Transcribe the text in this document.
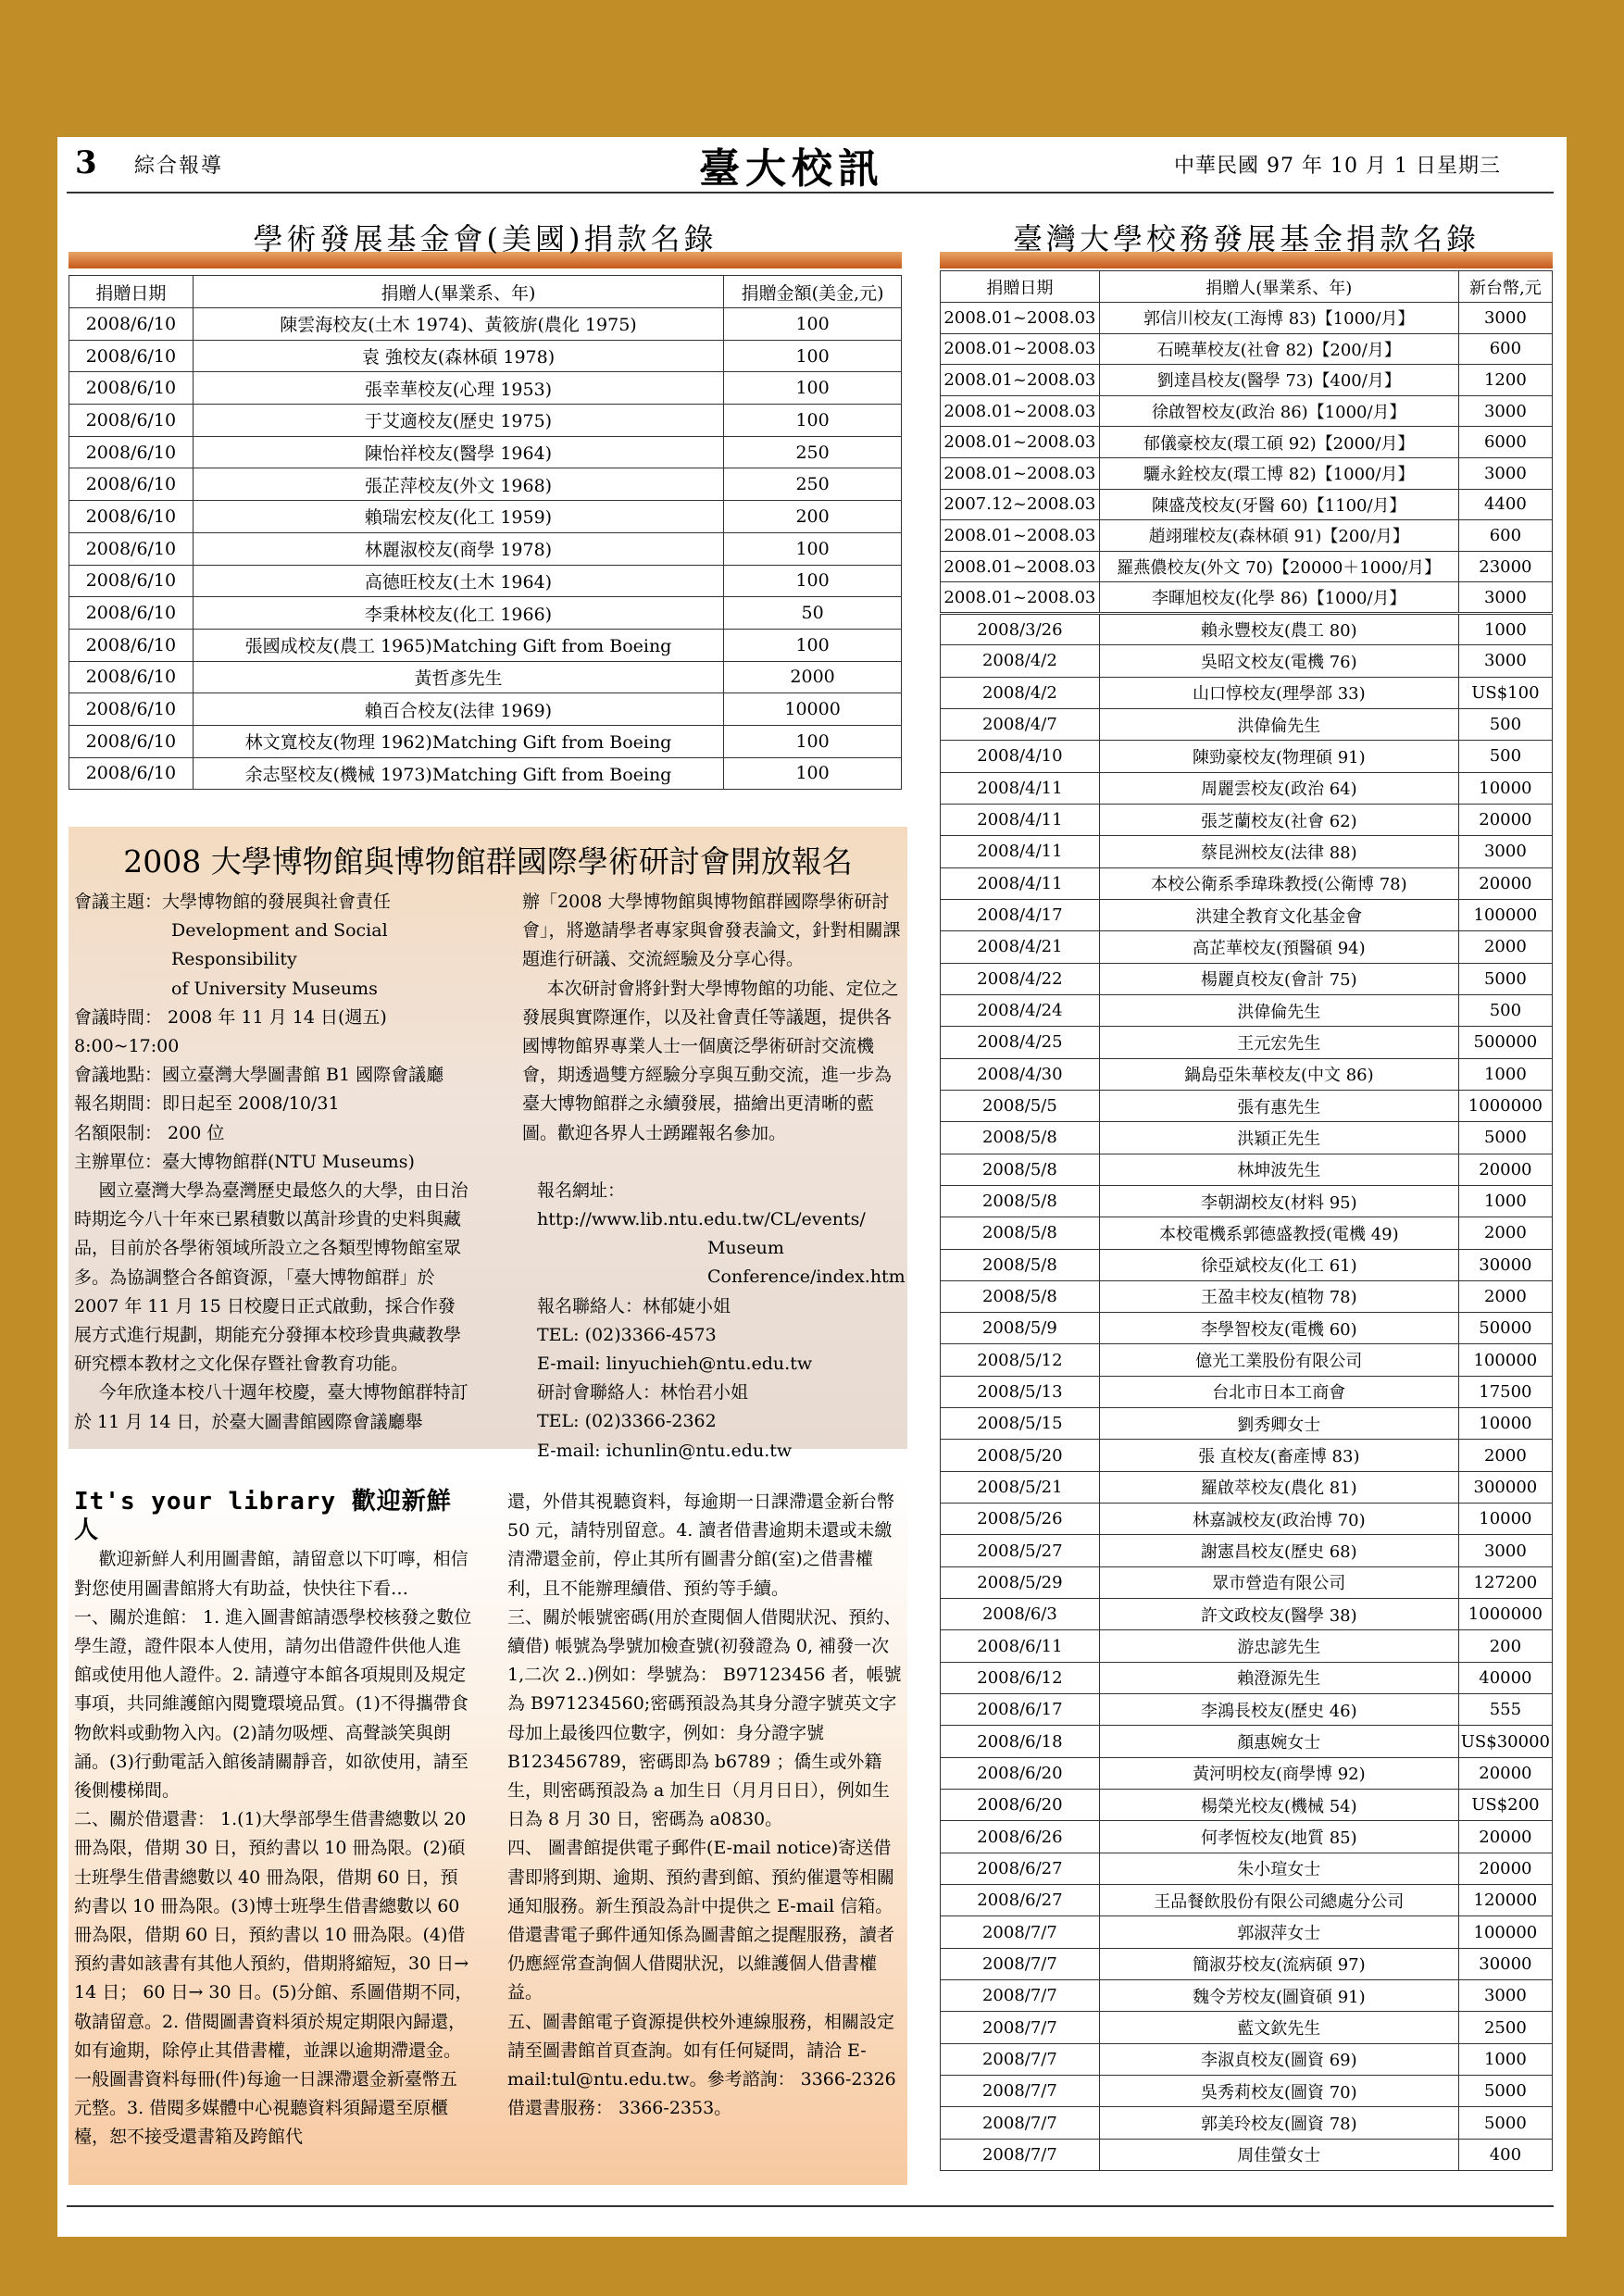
3 綜合報導	臺大校訊	中華民國 97 年 10 月 1 日星期三
學術發展基金會(美國)捐款名錄
捐贈日期	捐贈人(畢業系、年)	捐贈金額(美金,元)
2008/6/10	陳雲海校友(土木 1974)、黃筱旂(農化 1975)	100
2008/6/10	袁 強校友(森林碩 1978)	100
2008/6/10	張幸華校友(心理 1953)	100
2008/6/10	于艾適校友(歷史 1975)	100
2008/6/10	陳怡祥校友(醫學 1964)	250
2008/6/10	張芷萍校友(外文 1968)	250
2008/6/10	賴瑞宏校友(化工 1959)	200
2008/6/10	林麗淑校友(商學 1978)	100
2008/6/10	高德旺校友(土木 1964)	100
2008/6/10	李秉林校友(化工 1966)	50
2008/6/10	張國成校友(農工 1965)Matching Gift from Boeing	100
2008/6/10	黃哲彥先生	2000
2008/6/10	賴百合校友(法律 1969)	10000
2008/6/10	林文寬校友(物理 1962)Matching Gift from Boeing	100
2008/6/10	余志堅校友(機械 1973)Matching Gift from Boeing	100
2008 大學博物館與博物館群國際學術研討會開放報名

會議主題：大學博物館的發展與社會責任

Development and Social Responsibility

of University Museums

會議時間： 2008 年 11 月 14 日(週五) 8:00~17:00

會議地點：國立臺灣大學圖書館 B1 國際會議廳

報名期間：即日起至 2008/10/31

名額限制： 200 位

主辦單位：臺大博物館群(NTU Museums)

國立臺灣大學為臺灣歷史最悠久的大學，由日治時期迄今八十年來已累積數以萬計珍貴的史料與藏品，目前於各學術領域所設立之各類型博物館室眾多。為協調整合各館資源，「臺大博物館群」於 2007 年 11 月 15 日校慶日正式啟動，採合作發展方式進行規劃，期能充分發揮本校珍貴典藏教學研究標本教材之文化保存暨社會教育功能。

今年欣逢本校八十週年校慶，臺大博物館群特訂於 11 月 14 日，於臺大圖書館國際會議廳舉

辦「2008 大學博物館與博物館群國際學術研討會」，將邀請學者專家與會發表論文，針對相關課題進行研議、交流經驗及分享心得。

本次研討會將針對大學博物館的功能、定位之發展與實際運作，以及社會責任等議題，提供各國博物館界專業人士一個廣泛學術研討交流機會，期透過雙方經驗分享與互動交流，進一步為臺大博物館群之永續發展，描繪出更清晰的藍圖。歡迎各界人士踴躍報名參加。

報名網址： http://www.lib.ntu.edu.tw/CL/events/

Museum Conference/index.htm

報名聯絡人：林郁婕小姐

TEL: (02)3366-4573

E-mail: linyuchieh@ntu.edu.tw

研討會聯絡人：林怡君小姐

TEL: (02)3366-2362

E-mail: ichunlin@ntu.edu.tw

It's your library 歡迎新鮮人

歡迎新鮮人利用圖書館，請留意以下叮嚀，相信對您使用圖書館將大有助益，快快往下看…

一、關於進館： 1. 進入圖書館請憑學校核發之數位學生證，證件限本人使用，請勿出借證件供他人進館或使用他人證件。2. 請遵守本館各項規則及規定事項，共同維護館內閱覽環境品質。(1)不得攜帶食物飲料或動物入內。(2)請勿吸煙、高聲談笑與朗誦。(3)行動電話入館後請關靜音，如欲使用，請至後側樓梯間。

二、關於借還書： 1.(1)大學部學生借書總數以 20 冊為限，借期 30 日，預約書以 10 冊為限。(2)碩士班學生借書總數以 40 冊為限，借期 60 日，預約書以 10 冊為限。(3)博士班學生借書總數以 60 冊為限，借期 60 日，預約書以 10 冊為限。(4)借預約書如該書有其他人預約，借期將縮短，30 日→ 14 日； 60 日→ 30 日。(5)分館、系圖借期不同，敬請留意。2. 借閱圖書資料須於規定期限內歸還，如有逾期，除停止其借書權，並課以逾期滯還金。一般圖書資料每冊(件)每逾一日課滯還金新臺幣五元整。3. 借閱多媒體中心視聽資料須歸還至原櫃檯，恕不接受還書箱及跨館代

還，外借其視聽資料，每逾期一日課滯還金新台幣 50 元，請特別留意。4. 讀者借書逾期未還或未繳清滯還金前，停止其所有圖書分館(室)之借書權利，且不能辦理續借、預約等手續。

三、關於帳號密碼(用於查閱個人借閱狀況、預約、續借) 帳號為學號加檢查號(初發證為 0, 補發一次 1,二次 2..)例如：學號為： B97123456 者，帳號為 B971234560;密碼預設為其身分證字號英文字母加上最後四位數字，例如：身分證字號 B123456789，密碼即為 b6789 ；僑生或外籍生，則密碼預設為 a 加生日（月月日日），例如生日為 8 月 30 日，密碼為 a0830。

四、 圖書館提供電子郵件(E-mail notice)寄送借書即將到期、逾期、預約書到館、預約催還等相關通知服務。新生預設為計中提供之 E-mail 信箱。借還書電子郵件通知係為圖書館之提醒服務，讀者仍應經常查詢個人借閱狀況，以維護個人借書權益。

五、圖書館電子資源提供校外連線服務，相關設定請至圖書館首頁查詢。如有任何疑問，請洽 E-mail:tul@ntu.edu.tw。參考諮詢： 3366-2326 借還書服務： 3366-2353。

臺灣大學校務發展基金捐款名錄
捐贈日期	捐贈人(畢業系、年)	新台幣,元
2008.01~2008.03	郭信川校友(工海博 83)【1000/月】	3000
2008.01~2008.03	石曉華校友(社會 82)【200/月】	600
2008.01~2008.03	劉達昌校友(醫學 73)【400/月】	1200
2008.01~2008.03	徐啟智校友(政治 86)【1000/月】	3000
2008.01~2008.03	郁儀豪校友(環工碩 92)【2000/月】	6000
2008.01~2008.03	驪永銓校友(環工博 82)【1000/月】	3000
2007.12~2008.03	陳盛茂校友(牙醫 60)【1100/月】	4400
2008.01~2008.03	趙翊璀校友(森林碩 91)【200/月】	600
2008.01~2008.03	羅燕儂校友(外文 70)【20000＋1000/月】	23000
2008.01~2008.03	李暉旭校友(化學 86)【1000/月】	3000
2008/3/26	賴永豐校友(農工 80)	1000
2008/4/2	吳昭文校友(電機 76)	3000
2008/4/2	山口惇校友(理學部 33)	US$100
2008/4/7	洪偉倫先生	500
2008/4/10	陳勁豪校友(物理碩 91)	500
2008/4/11	周麗雲校友(政治 64)	10000
2008/4/11	張芝蘭校友(社會 62)	20000
2008/4/11	蔡昆洲校友(法律 88)	3000
2008/4/11	本校公衛系季瑋珠教授(公衛博 78)	20000
2008/4/17	洪建全教育文化基金會	100000
2008/4/21	高芷華校友(預醫碩 94)	2000
2008/4/22	楊麗貞校友(會計 75)	5000
2008/4/24	洪偉倫先生	500
2008/4/25	王元宏先生	500000
2008/4/30	鍋島亞朱華校友(中文 86)	1000
2008/5/5	張有惠先生	1000000
2008/5/8	洪穎正先生	5000
2008/5/8	林坤波先生	20000
2008/5/8	李朝湖校友(材料 95)	1000
2008/5/8	本校電機系郭德盛教授(電機 49)	2000
2008/5/8	徐亞斌校友(化工 61)	30000
2008/5/8	王盈丰校友(植物 78)	2000
2008/5/9	李學智校友(電機 60)	50000
2008/5/12	億光工業股份有限公司	100000
2008/5/13	台北市日本工商會	17500
2008/5/15	劉秀卿女士	10000
2008/5/20	張 直校友(畜產博 83)	2000
2008/5/21	羅啟萃校友(農化 81)	300000
2008/5/26	林嘉誠校友(政治博 70)	10000
2008/5/27	謝憲昌校友(歷史 68)	3000
2008/5/29	眾市營造有限公司	127200
2008/6/3	許文政校友(醫學 38)	1000000
2008/6/11	游忠諺先生	200
2008/6/12	賴澄源先生	40000
2008/6/17	李鴻長校友(歷史 46)	555
2008/6/18	顏惠婉女士	US$30000
2008/6/20	黃河明校友(商學博 92)	20000
2008/6/20	楊榮光校友(機械 54)	US$200
2008/6/26	何孝恆校友(地質 85)	20000
2008/6/27	朱小瑄女士	20000
2008/6/27	王品餐飲股份有限公司總處分公司	120000
2008/7/7	郭淑萍女士	100000
2008/7/7	簡淑芬校友(流病碩 97)	30000
2008/7/7	魏令芳校友(圖資碩 91)	3000
2008/7/7	藍文欽先生	2500
2008/7/7	李淑貞校友(圖資 69)	1000
2008/7/7	吳秀莉校友(圖資 70)	5000
2008/7/7	郭美玲校友(圖資 78)	5000
2008/7/7	周佳螢女士	400
